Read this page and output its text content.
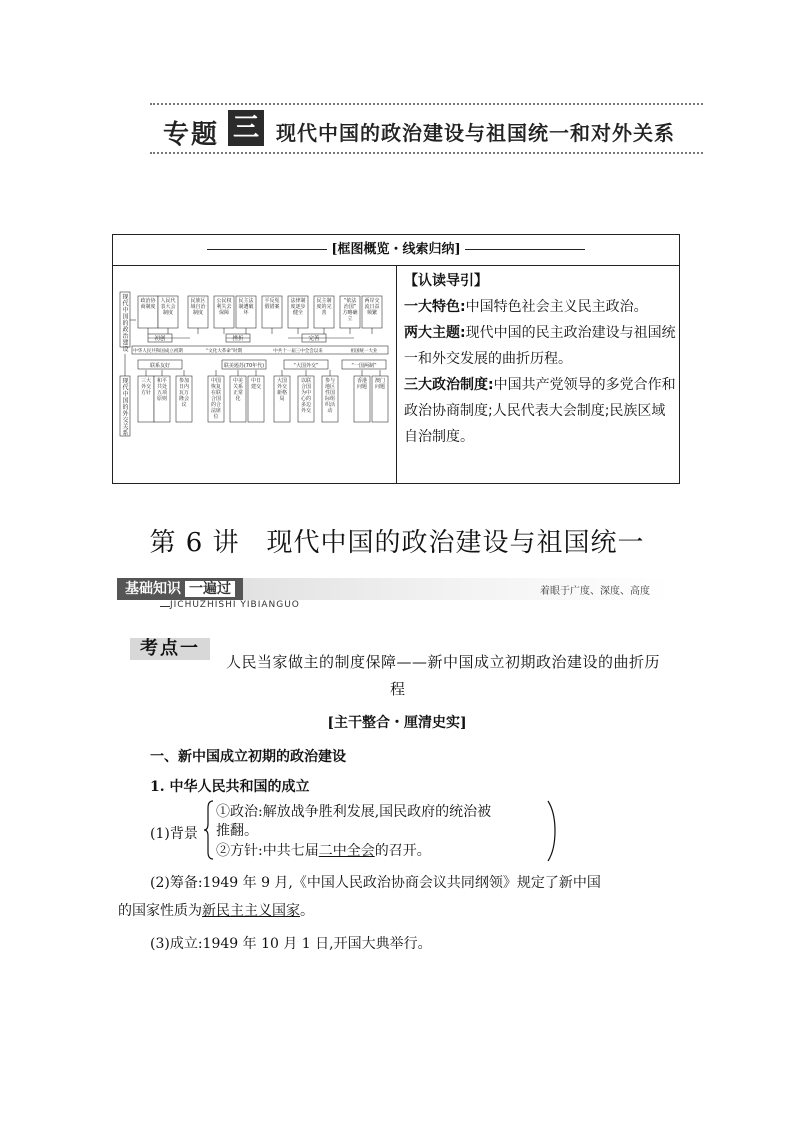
专题 三 现代中国的政治建设与祖国统一和对外关系
[框图概览・线索归纳]
现代中国的政治建设
现代中国的外交关系
政治协商制度
人民代表大会制度
民族区域自治制度
公民权利失去保障
民主法制遭破坏
平反冤假错案
法律制度逐步健全
民主制度的完善
“依法治国”方略确立
两岸交流日益频繁
初创	挫折	完善
中华人民共和国成立初期	“文化大革命”时期	中共十一届三中全会以来	祖国统一大业
联系友好	联美遏苏(70年代)	“大国外交”	“一国两制”
三大外交方针
和平共处五项原则
参加日内瓦万隆会议
中国恢复在联合国的合法席位
中美关系正常化
中日建交
大国外交新格局
以联合国为中心的多边外交
参与地区性国际组织活动
香港问题
澳门问题
【认读导引】
一大特色:中国特色社会主义民主政治。
两大主题:现代中国的民主政治建设与祖国统一和外交发展的曲折历程。
三大政治制度:中国共产党领导的多党合作和政治协商制度;人民代表大会制度;民族区域自治制度。
第 6 讲　现代中国的政治建设与祖国统一
基础知识 一遍过	着眼于广度、深度、高度
JICHUZHISHI YIBIANGUO
考点一
人民当家做主的制度保障——新中国成立初期政治建设的曲折历
程
[主干整合・厘清史实]
一、新中国成立初期的政治建设
1. 中华人民共和国的成立
(1)背景
①政治:解放战争胜利发展,国民政府的统治被
推翻。
②方针:中共七届二中全会的召开。
(2)筹备:1949 年 9 月,《中国人民政治协商会议共同纲领》规定了新中国
的国家性质为新民主主义国家。
(3)成立:1949 年 10 月 1 日,开国大典举行。
